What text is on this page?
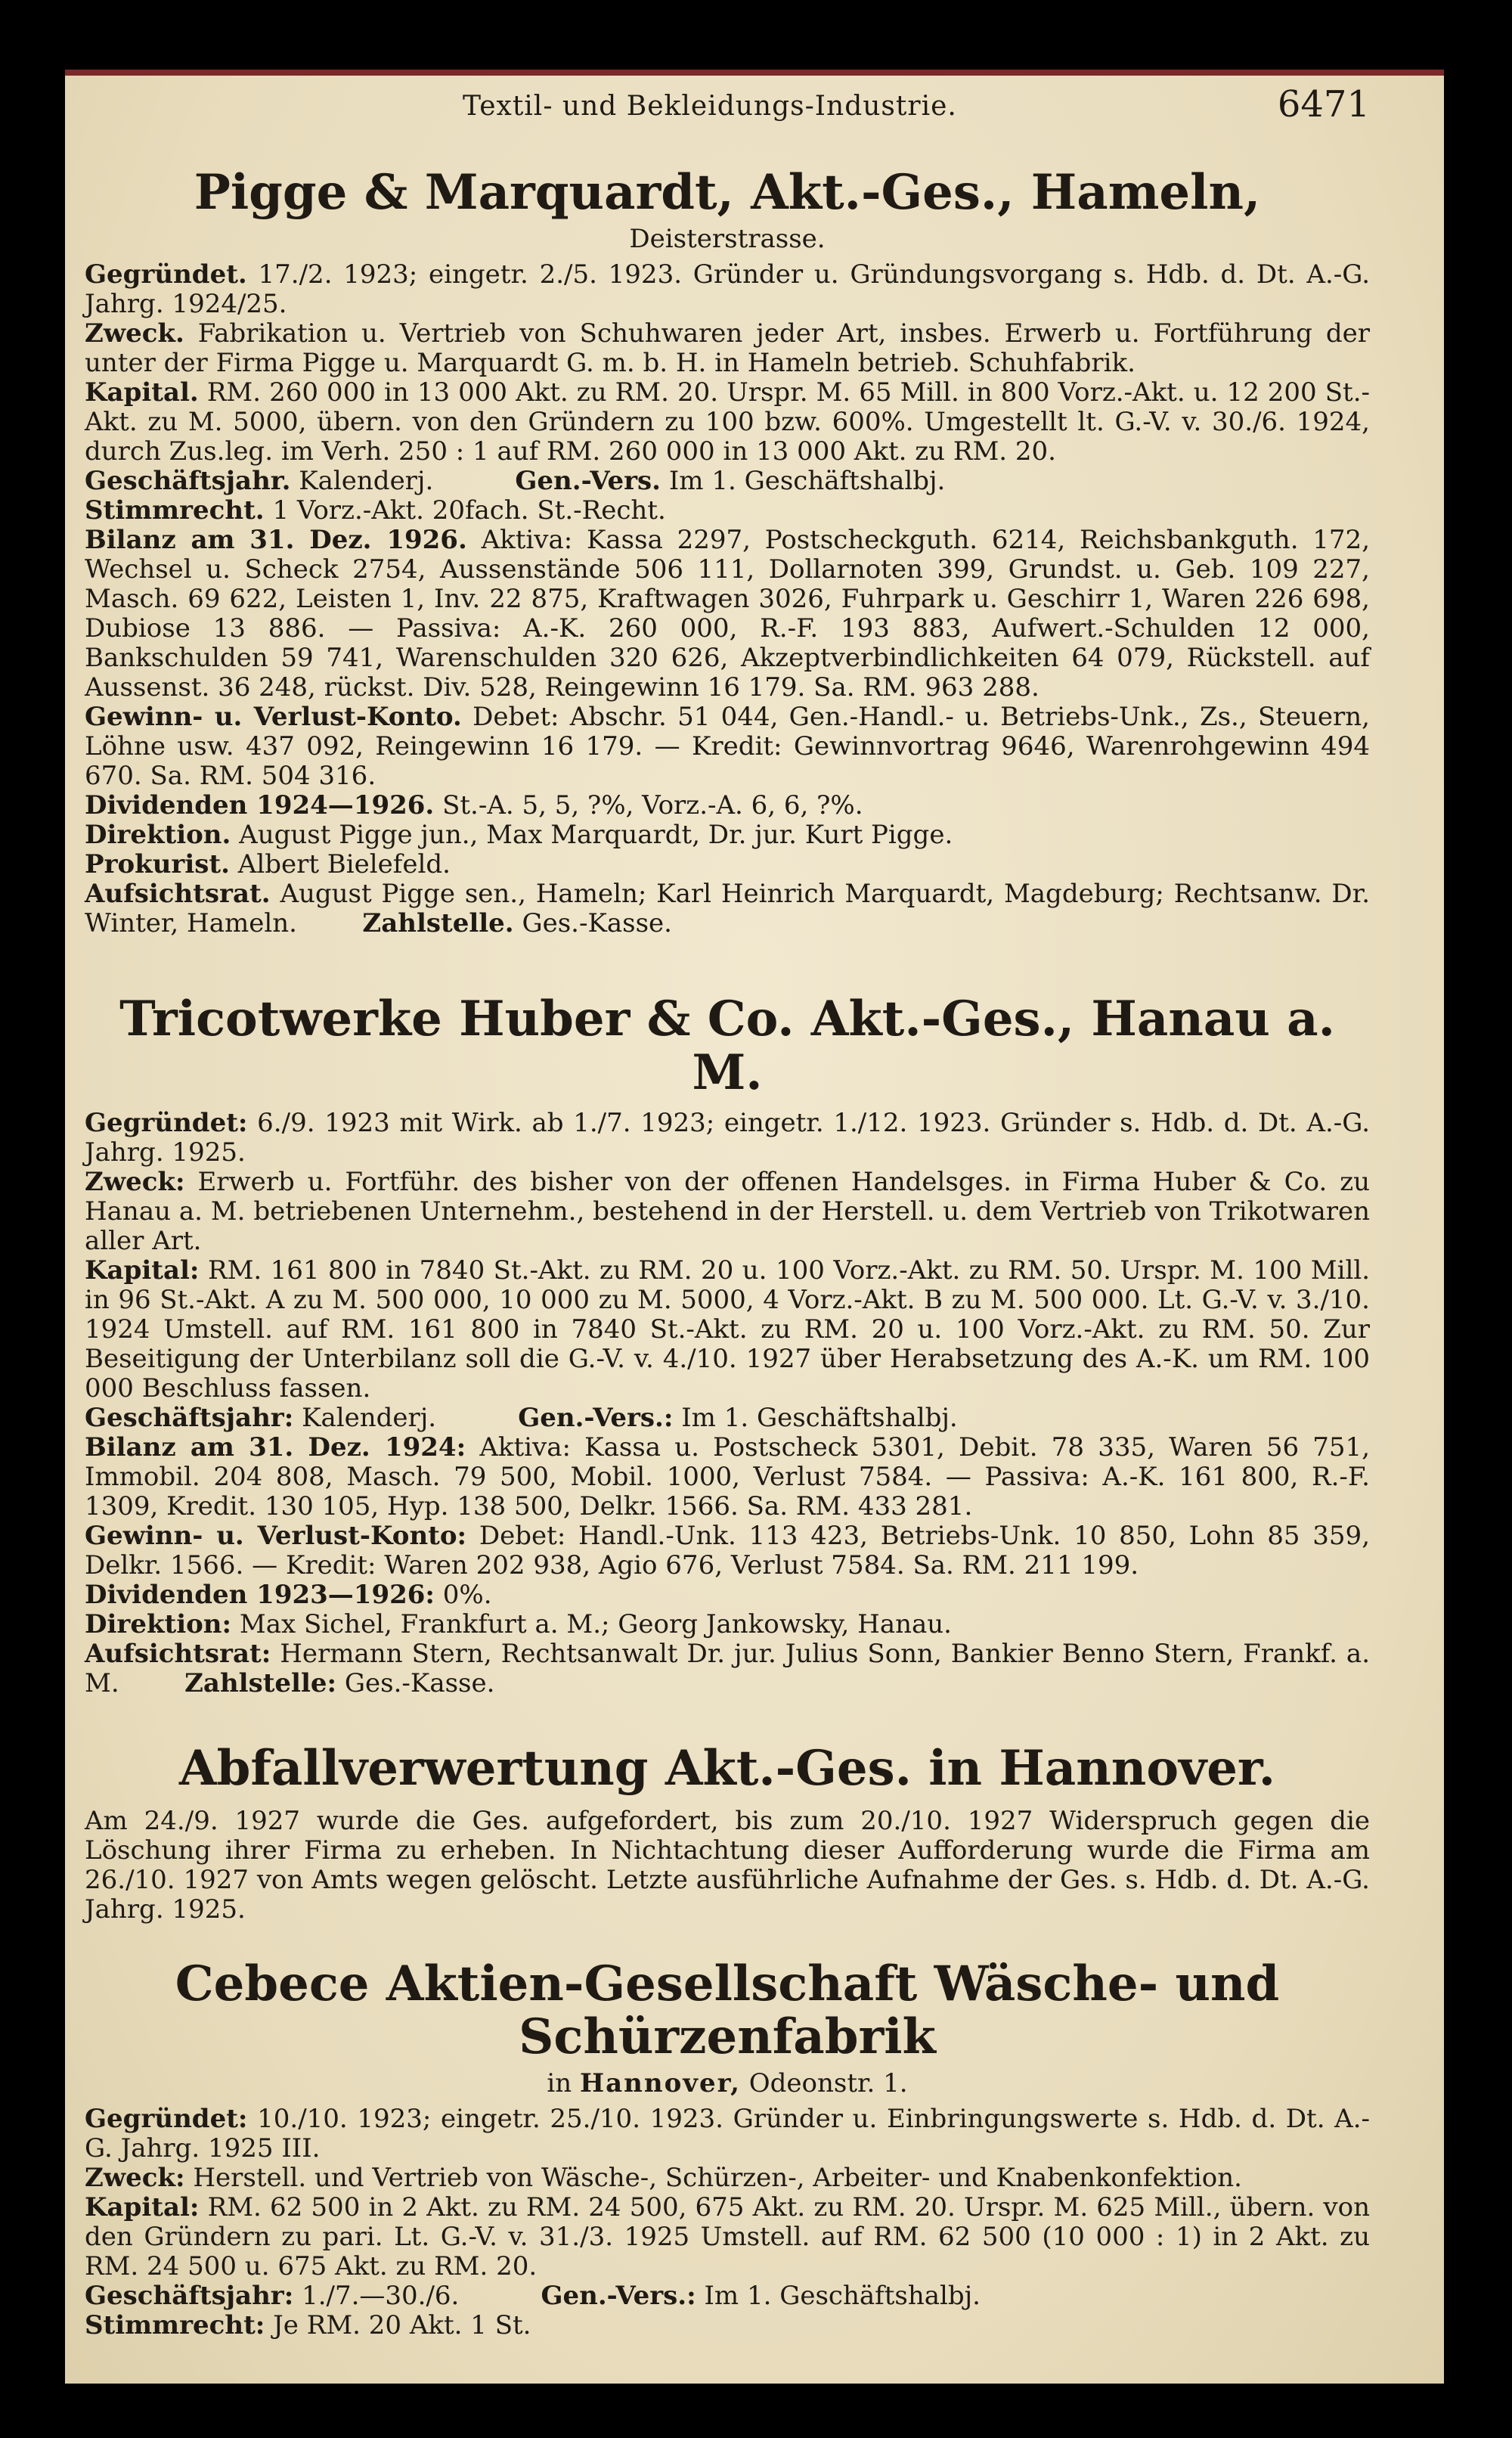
Textil- und Bekleidungs-Industrie.	6471
Pigge & Marquardt, Akt.-Ges., Hameln,
Deisterstrasse.

Gegründet. 17./2. 1923; eingetr. 2./5. 1923. Gründer u. Gründungsvorgang s. Hdb. d. Dt. A.-G. Jahrg. 1924/25.

Zweck. Fabrikation u. Vertrieb von Schuhwaren jeder Art, insbes. Erwerb u. Fortführung der unter der Firma Pigge u. Marquardt G. m. b. H. in Hameln betrieb. Schuhfabrik.

Kapital. RM. 260 000 in 13 000 Akt. zu RM. 20. Urspr. M. 65 Mill. in 800 Vorz.-Akt. u. 12 200 St.-Akt. zu M. 5000, übern. von den Gründern zu 100 bzw. 600%. Umgestellt lt. G.-V. v. 30./6. 1924, durch Zus.leg. im Verh. 250 : 1 auf RM. 260 000 in 13 000 Akt. zu RM. 20.

Geschäftsjahr. Kalenderj.	Gen.-Vers. Im 1. Geschäftshalbj.

Stimmrecht. 1 Vorz.-Akt. 20fach. St.-Recht.

Bilanz am 31. Dez. 1926. Aktiva: Kassa 2297, Postscheckguth. 6214, Reichsbankguth. 172, Wechsel u. Scheck 2754, Aussenstände 506 111, Dollarnoten 399, Grundst. u. Geb. 109 227, Masch. 69 622, Leisten 1, Inv. 22 875, Kraftwagen 3026, Fuhrpark u. Geschirr 1, Waren 226 698, Dubiose 13 886. — Passiva: A.-K. 260 000, R.-F. 193 883, Aufwert.-Schulden 12 000, Bankschulden 59 741, Warenschulden 320 626, Akzeptverbindlichkeiten 64 079, Rückstell. auf Aussenst. 36 248, rückst. Div. 528, Reingewinn 16 179. Sa. RM. 963 288.

Gewinn- u. Verlust-Konto. Debet: Abschr. 51 044, Gen.-Handl.- u. Betriebs-Unk., Zs., Steuern, Löhne usw. 437 092, Reingewinn 16 179. — Kredit: Gewinnvortrag 9646, Warenrohgewinn 494 670. Sa. RM. 504 316.

Dividenden 1924—1926. St.-A. 5, 5, ?%, Vorz.-A. 6, 6, ?%.

Direktion. August Pigge jun., Max Marquardt, Dr. jur. Kurt Pigge.

Prokurist. Albert Bielefeld.

Aufsichtsrat. August Pigge sen., Hameln; Karl Heinrich Marquardt, Magdeburg; Rechtsanw. Dr. Winter, Hameln.	Zahlstelle. Ges.-Kasse.

Tricotwerke Huber & Co. Akt.-Ges., Hanau a. M.

Gegründet: 6./9. 1923 mit Wirk. ab 1./7. 1923; eingetr. 1./12. 1923. Gründer s. Hdb. d. Dt. A.-G. Jahrg. 1925.

Zweck: Erwerb u. Fortführ. des bisher von der offenen Handelsges. in Firma Huber & Co. zu Hanau a. M. betriebenen Unternehm., bestehend in der Herstell. u. dem Vertrieb von Trikotwaren aller Art.

Kapital: RM. 161 800 in 7840 St.-Akt. zu RM. 20 u. 100 Vorz.-Akt. zu RM. 50. Urspr. M. 100 Mill. in 96 St.-Akt. A zu M. 500 000, 10 000 zu M. 5000, 4 Vorz.-Akt. B zu M. 500 000. Lt. G.-V. v. 3./10. 1924 Umstell. auf RM. 161 800 in 7840 St.-Akt. zu RM. 20 u. 100 Vorz.-Akt. zu RM. 50. Zur Beseitigung der Unterbilanz soll die G.-V. v. 4./10. 1927 über Herabsetzung des A.-K. um RM. 100 000 Beschluss fassen.

Geschäftsjahr: Kalenderj.	Gen.-Vers.: Im 1. Geschäftshalbj.

Bilanz am 31. Dez. 1924: Aktiva: Kassa u. Postscheck 5301, Debit. 78 335, Waren 56 751, Immobil. 204 808, Masch. 79 500, Mobil. 1000, Verlust 7584. — Passiva: A.-K. 161 800, R.-F. 1309, Kredit. 130 105, Hyp. 138 500, Delkr. 1566. Sa. RM. 433 281.

Gewinn- u. Verlust-Konto: Debet: Handl.-Unk. 113 423, Betriebs-Unk. 10 850, Lohn 85 359, Delkr. 1566. — Kredit: Waren 202 938, Agio 676, Verlust 7584. Sa. RM. 211 199.

Dividenden 1923—1926: 0%.

Direktion: Max Sichel, Frankfurt a. M.; Georg Jankowsky, Hanau.

Aufsichtsrat: Hermann Stern, Rechtsanwalt Dr. jur. Julius Sonn, Bankier Benno Stern, Frankf. a. M.	Zahlstelle: Ges.-Kasse.

Abfallverwertung Akt.-Ges. in Hannover.

Am 24./9. 1927 wurde die Ges. aufgefordert, bis zum 20./10. 1927 Widerspruch gegen die Löschung ihrer Firma zu erheben. In Nichtachtung dieser Aufforderung wurde die Firma am 26./10. 1927 von Amts wegen gelöscht. Letzte ausführliche Aufnahme der Ges. s. Hdb. d. Dt. A.-G. Jahrg. 1925.

Cebece Aktien-Gesellschaft Wäsche- und Schürzenfabrik
in Hannover, Odeonstr. 1.

Gegründet: 10./10. 1923; eingetr. 25./10. 1923. Gründer u. Einbringungswerte s. Hdb. d. Dt. A.-G. Jahrg. 1925 III.

Zweck: Herstell. und Vertrieb von Wäsche-, Schürzen-, Arbeiter- und Knabenkonfektion.

Kapital: RM. 62 500 in 2 Akt. zu RM. 24 500, 675 Akt. zu RM. 20. Urspr. M. 625 Mill., übern. von den Gründern zu pari. Lt. G.-V. v. 31./3. 1925 Umstell. auf RM. 62 500 (10 000 : 1) in 2 Akt. zu RM. 24 500 u. 675 Akt. zu RM. 20.

Geschäftsjahr: 1./7.—30./6.	Gen.-Vers.: Im 1. Geschäftshalbj.

Stimmrecht: Je RM. 20 Akt. 1 St.
